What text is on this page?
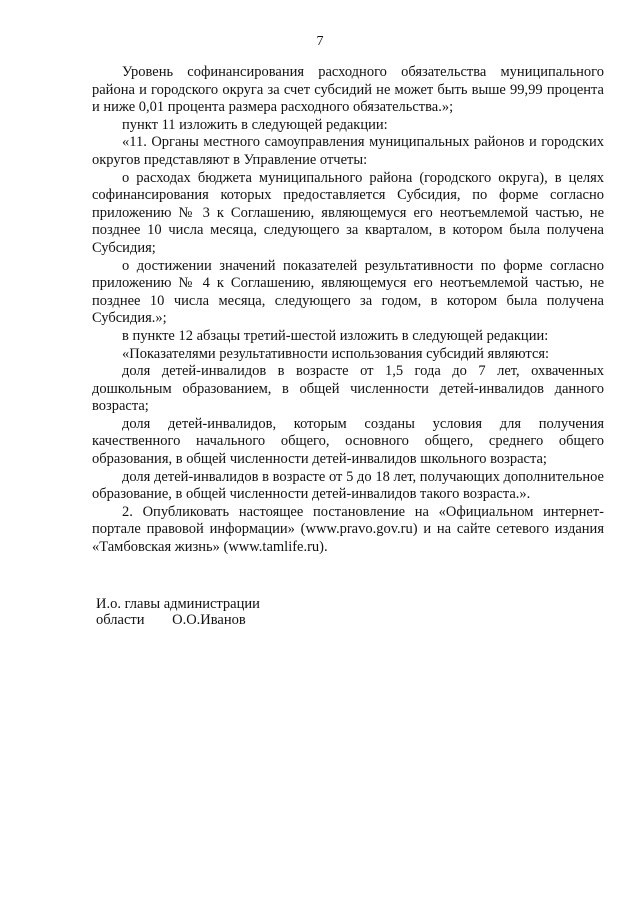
7

Уровень софинансирования расходного обязательства муниципального района и городского округа за счет субсидий не может быть выше 99,99 процента и ниже 0,01 процента размера расходного обязательства.»;

пункт 11 изложить в следующей редакции:

«11. Органы местного самоуправления муниципальных районов и городских округов представляют в Управление отчеты:

о расходах бюджета муниципального района (городского округа), в целях софинансирования которых предоставляется Субсидия, по форме согласно приложению № 3 к Соглашению, являющемуся его неотъемлемой частью, не позднее 10 числа месяца, следующего за кварталом, в котором была получена Субсидия;

о достижении значений показателей результативности по форме согласно приложению № 4 к Соглашению, являющемуся его неотъемлемой частью, не позднее 10 числа месяца, следующего за годом, в котором была получена Субсидия.»;

в пункте 12 абзацы третий-шестой изложить в следующей редакции:

«Показателями результативности использования субсидий являются:

доля детей-инвалидов в возрасте от 1,5 года до 7 лет, охваченных дошкольным образованием, в общей численности детей-инвалидов данного возраста;

доля детей-инвалидов, которым созданы условия для получения качественного начального общего, основного общего, среднего общего образования, в общей численности детей-инвалидов школьного возраста;

доля детей-инвалидов в возрасте от 5 до 18 лет, получающих дополнительное образование, в общей численности детей-инвалидов такого возраста.».

2. Опубликовать настоящее постановление на «Официальном интернет-портале правовой информации» (www.pravo.gov.ru) и на сайте сетевого издания «Тамбовская жизнь» (www.tamlife.ru).

И.о. главы администрации
области О.О.Иванов
